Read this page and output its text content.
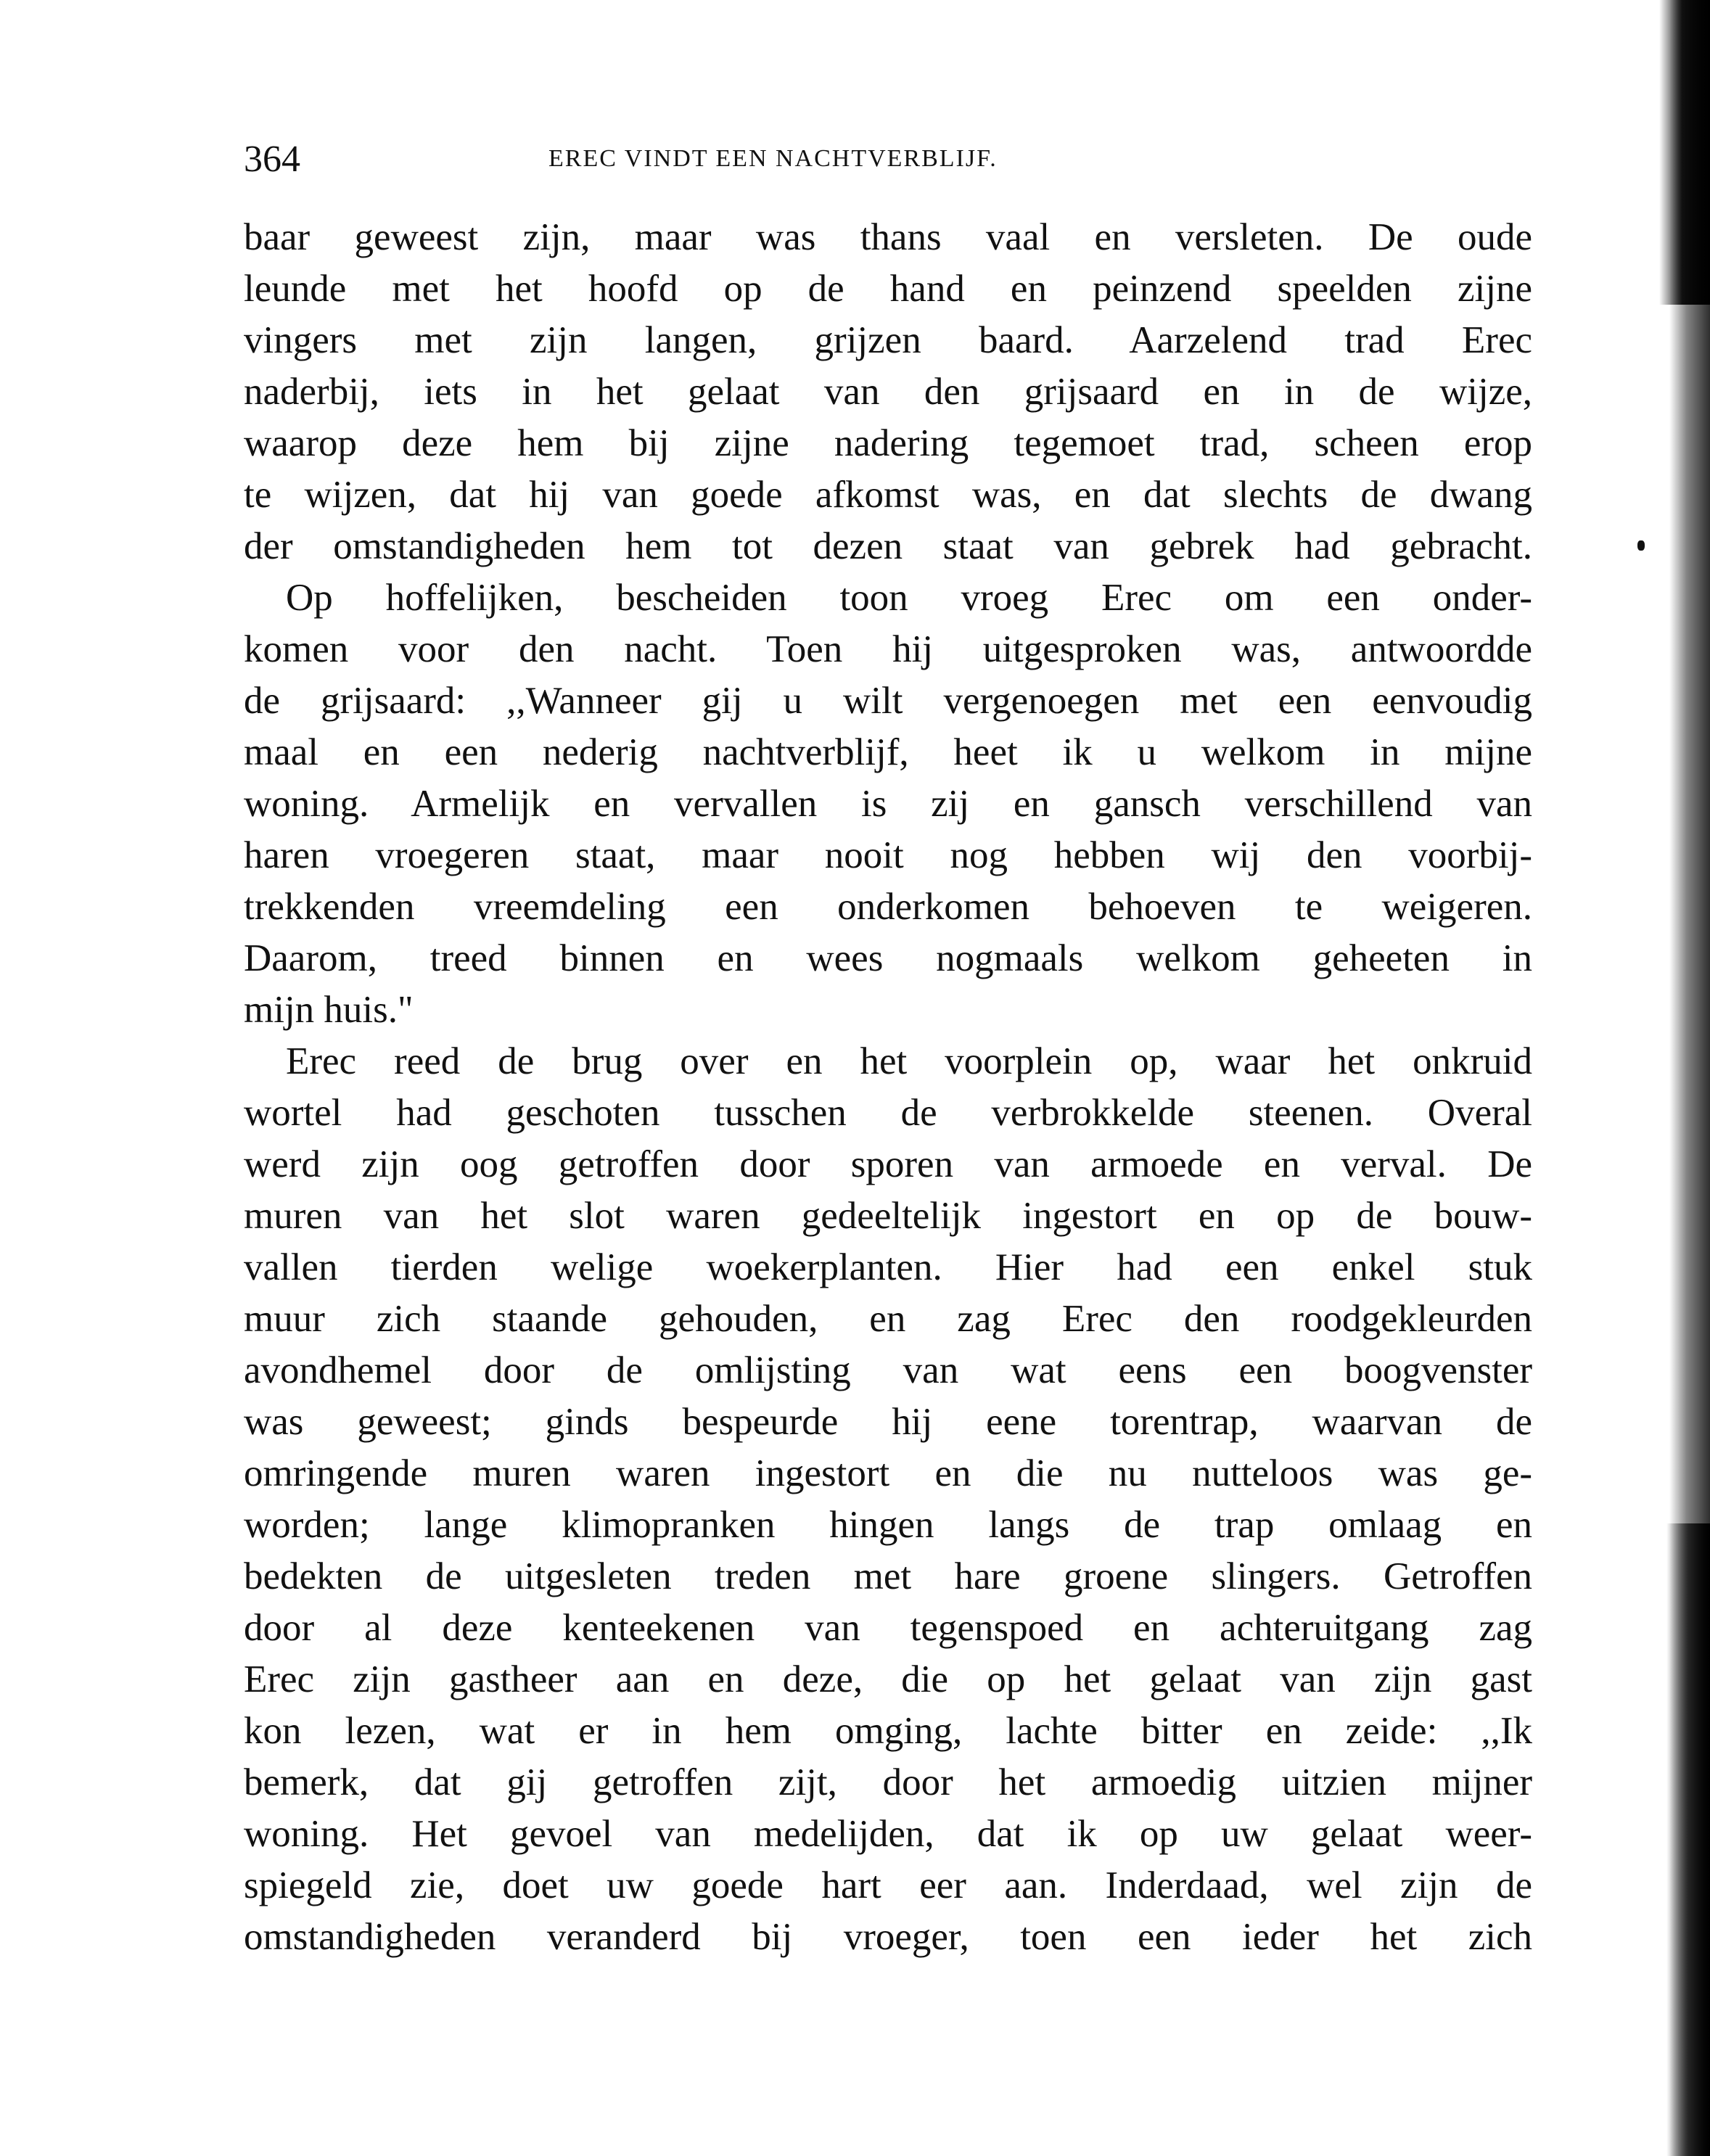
364	EREC VINDT EEN NACHTVERBLIJF.
baar geweest zijn, maar was thans vaal en versleten. De oude
leunde met het hoofd op de hand en peinzend speelden zijne
vingers met zijn langen, grijzen baard. Aarzelend trad Erec
naderbij, iets in het gelaat van den grijsaard en in de wijze,
waarop deze hem bij zijne nadering tegemoet trad, scheen erop
te wijzen, dat hij van goede afkomst was, en dat slechts de dwang
der omstandigheden hem tot dezen staat van gebrek had gebracht.
Op hoffelijken, bescheiden toon vroeg Erec om een onder-
komen voor den nacht. Toen hij uitgesproken was, antwoordde
de grijsaard: ,,Wanneer gij u wilt vergenoegen met een eenvoudig
maal en een nederig nachtverblijf, heet ik u welkom in mijne
woning. Armelijk en vervallen is zij en gansch verschillend van
haren vroegeren staat, maar nooit nog hebben wij den voorbij-
trekkenden vreemdeling een onderkomen behoeven te weigeren.
Daarom, treed binnen en wees nogmaals welkom geheeten in
mijn huis."
Erec reed de brug over en het voorplein op, waar het onkruid
wortel had geschoten tusschen de verbrokkelde steenen. Overal
werd zijn oog getroffen door sporen van armoede en verval. De
muren van het slot waren gedeeltelijk ingestort en op de bouw-
vallen tierden welige woekerplanten. Hier had een enkel stuk
muur zich staande gehouden, en zag Erec den roodgekleurden
avondhemel door de omlijsting van wat eens een boogvenster
was geweest; ginds bespeurde hij eene torentrap, waarvan de
omringende muren waren ingestort en die nu nutteloos was ge-
worden; lange klimopranken hingen langs de trap omlaag en
bedekten de uitgesleten treden met hare groene slingers. Getroffen
door al deze kenteekenen van tegenspoed en achteruitgang zag
Erec zijn gastheer aan en deze, die op het gelaat van zijn gast
kon lezen, wat er in hem omging, lachte bitter en zeide: ,,Ik
bemerk, dat gij getroffen zijt, door het armoedig uitzien mijner
woning. Het gevoel van medelijden, dat ik op uw gelaat weer-
spiegeld zie, doet uw goede hart eer aan. Inderdaad, wel zijn de
omstandigheden veranderd bij vroeger, toen een ieder het zich
